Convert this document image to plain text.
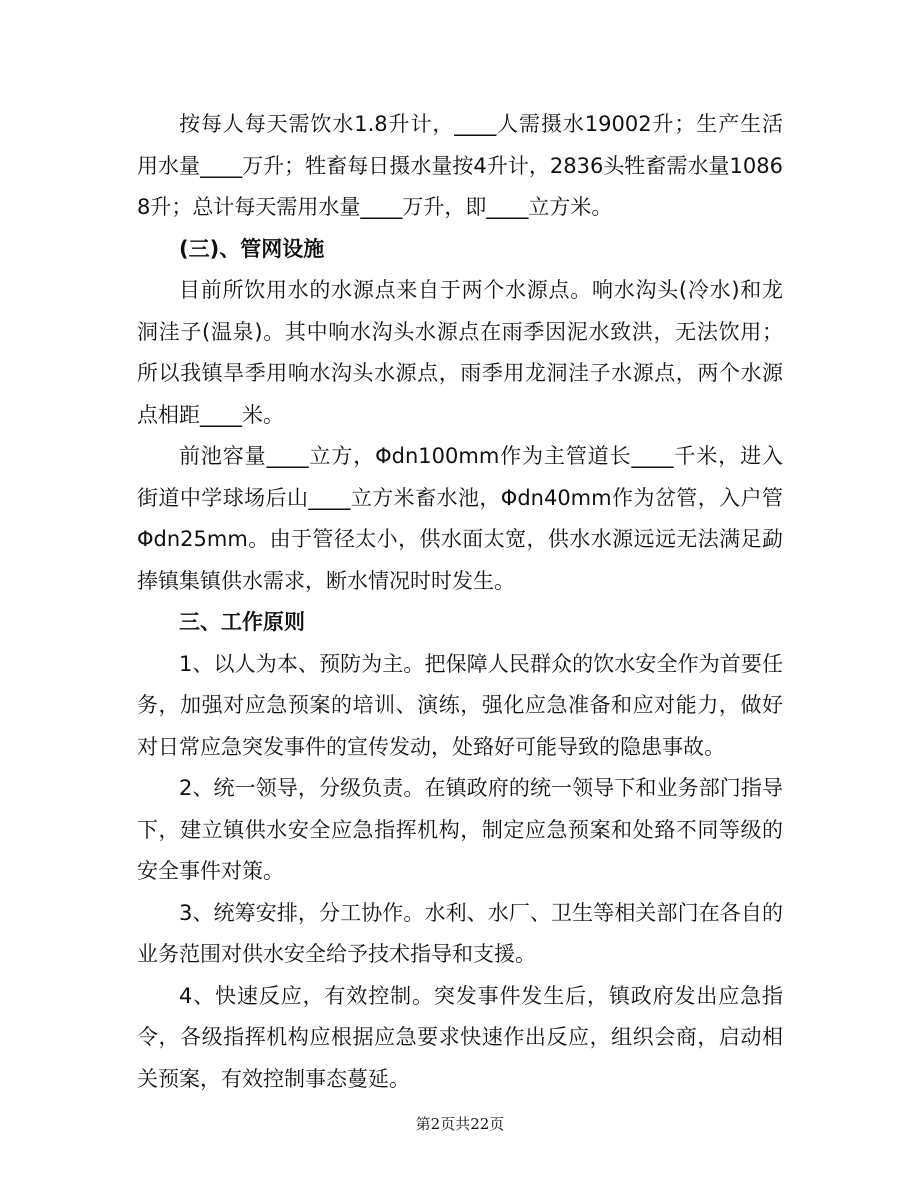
按每人每天需饮水1.8升计，____人需摄水19002升；生产生活用水量____万升；牲畜每日摄水量按4升计，2836头牲畜需水量10868升；总计每天需用水量____万升，即____立方米。

(三)、管网设施

目前所饮用水的水源点来自于两个水源点。响水沟头(冷水)和龙洞洼子(温泉)。其中响水沟头水源点在雨季因泥水致洪，无法饮用；所以我镇旱季用响水沟头水源点，雨季用龙洞洼子水源点，两个水源点相距____米。

前池容量____立方，Φdn100mm作为主管道长____千米，进入街道中学球场后山____立方米畜水池，Φdn40mm作为岔管，入户管Φdn25mm。由于管径太小，供水面太宽，供水水源远远无法满足勐捧镇集镇供水需求，断水情况时时发生。

三、工作原则

1、以人为本、预防为主。把保障人民群众的饮水安全作为首要任务，加强对应急预案的培训、演练，强化应急准备和应对能力，做好对日常应急突发事件的宣传发动，处臵好可能导致的隐患事故。

2、统一领导，分级负责。在镇政府的统一领导下和业务部门指导下，建立镇供水安全应急指挥机构，制定应急预案和处臵不同等级的安全事件对策。

3、统筹安排，分工协作。水利、水厂、卫生等相关部门在各自的业务范围对供水安全给予技术指导和支援。

4、快速反应，有效控制。突发事件发生后，镇政府发出应急指令，各级指挥机构应根据应急要求快速作出反应，组织会商，启动相关预案，有效控制事态蔓延。

第2页共22页
